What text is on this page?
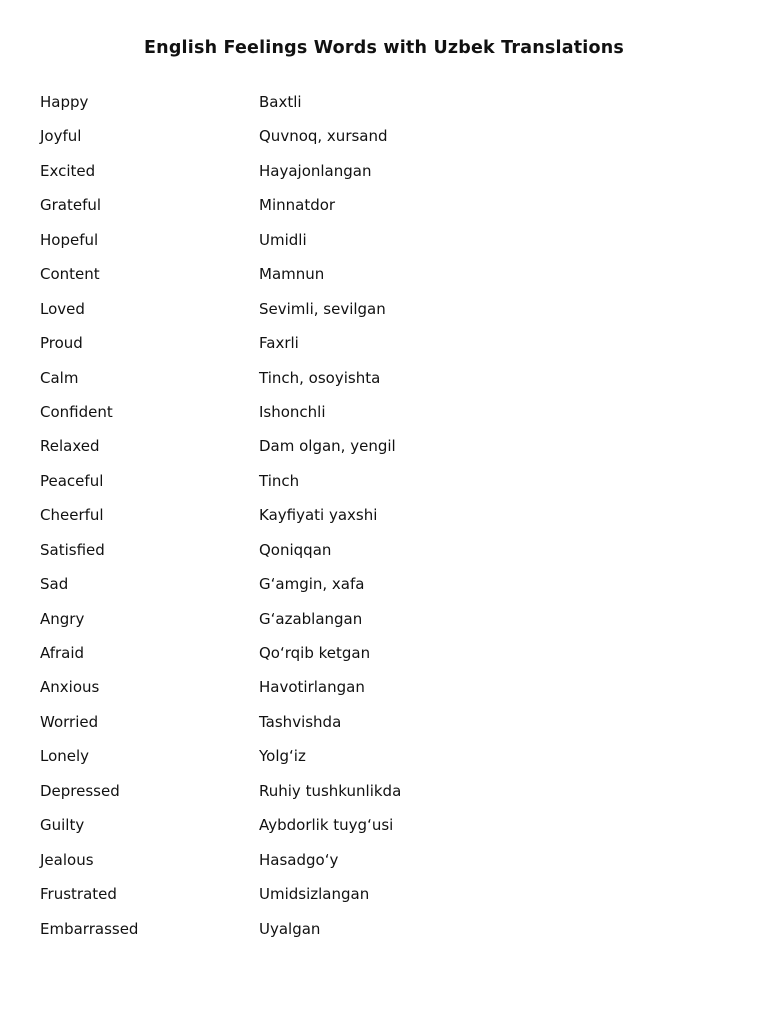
English Feelings Words with Uzbek Translations
Happy	Baxtli
Joyful	Quvnoq, xursand
Excited	Hayajonlangan
Grateful	Minnatdor
Hopeful	Umidli
Content	Mamnun
Loved	Sevimli, sevilgan
Proud	Faxrli
Calm	Tinch, osoyishta
Confident	Ishonchli
Relaxed	Dam olgan, yengil
Peaceful	Tinch
Cheerful	Kayfiyati yaxshi
Satisfied	Qoniqqan
Sad	G‘amgin, xafa
Angry	G‘azablangan
Afraid	Qo‘rqib ketgan
Anxious	Havotirlangan
Worried	Tashvishda
Lonely	Yolg‘iz
Depressed	Ruhiy tushkunlikda
Guilty	Aybdorlik tuyg‘usi
Jealous	Hasadgo‘y
Frustrated	Umidsizlangan
Embarrassed	Uyalgan
